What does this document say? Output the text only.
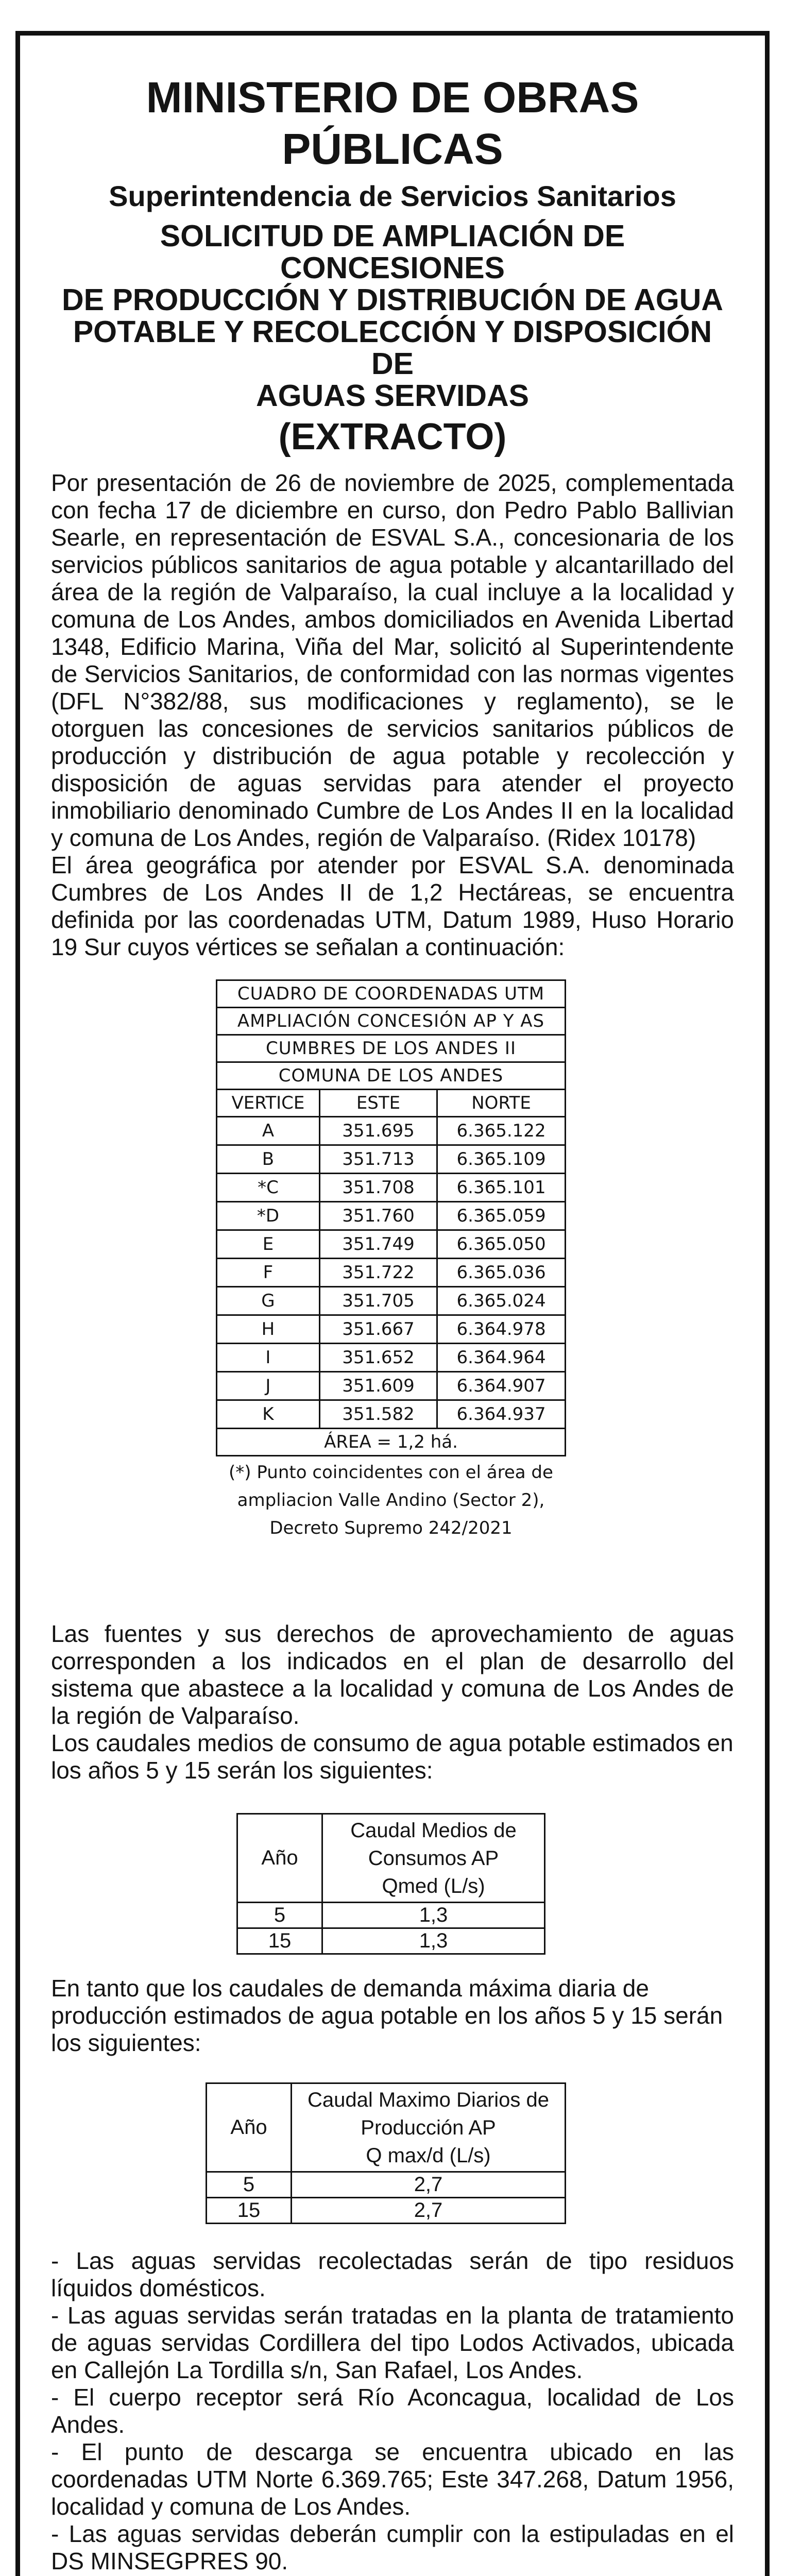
MINISTERIO DE OBRAS PÚBLICAS
Superintendencia de Servicios Sanitarios
SOLICITUD DE AMPLIACIÓN DE CONCESIONES
DE PRODUCCIÓN Y DISTRIBUCIÓN DE AGUA
POTABLE Y RECOLECCIÓN Y DISPOSICIÓN DE
AGUAS SERVIDAS
(EXTRACTO)

Por presentación de 26 de noviembre de 2025, complementada con fecha 17 de diciembre en curso, don Pedro Pablo Ballivian Searle, en representación de ESVAL S.A., concesionaria de los servicios públicos sanitarios de agua potable y alcantarillado del área de la región de Valparaíso, la cual incluye a la localidad y comuna de Los Andes, ambos domiciliados en Avenida Libertad 1348, Edificio Marina, Viña del Mar, solicitó al Superintendente de Servicios Sanitarios, de conformidad con las normas vigentes (DFL N°382/88, sus modificaciones y reglamento), se le otorguen las concesiones de servicios sanitarios públicos de producción y distribución de agua potable y recolección y disposición de aguas servidas para atender el proyecto inmobiliario denominado Cumbre de Los Andes II en la localidad y comuna de Los Andes, región de Valparaíso. (Ridex 10178)

El área geográfica por atender por ESVAL S.A. denominada Cumbres de Los Andes II de 1,2 Hectáreas, se encuentra definida por las coordenadas UTM, Datum 1989, Huso Horario 19 Sur cuyos vértices se señalan a continuación:

CUADRO DE COORDENADAS UTM		
AMPLIACIÓN CONCESIÓN AP Y AS		
CUMBRES DE LOS ANDES II		
COMUNA DE LOS ANDES		
VERTICE	ESTE	NORTE
A	351.695	6.365.122
B	351.713	6.365.109
*C	351.708	6.365.101
*D	351.760	6.365.059
E	351.749	6.365.050
F	351.722	6.365.036
G	351.705	6.365.024
H	351.667	6.364.978
I	351.652	6.364.964
J	351.609	6.364.907
K	351.582	6.364.937
ÁREA = 1,2 há.		
(*) Punto coincidentes con el área de
ampliacion Valle Andino (Sector 2),
Decreto Supremo 242/2021

Las fuentes y sus derechos de aprovechamiento de aguas corresponden a los indicados en el plan de desarrollo del sistema que abastece a la localidad y comuna de Los Andes de la región de Valparaíso.

Los caudales medios de consumo de agua potable estimados en los años 5 y 15 serán los siguientes:

Año	Caudal Medios de
Consumos AP
Qmed (L/s)

5	1,3
15	1,3

En tanto que los caudales de demanda máxima diaria de producción estimados de agua potable en los años 5 y 15 serán los siguientes:

Año	Caudal Maximo Diarios de
Producción AP
Q max/d (L/s)

5	2,7
15	2,7

- Las aguas servidas recolectadas serán de tipo residuos líquidos domésticos.

- Las aguas servidas serán tratadas en la planta de tratamiento de aguas servidas Cordillera del tipo Lodos Activados, ubicada en Callejón La Tordilla s/n, San Rafael, Los Andes.

- El cuerpo receptor será Río Aconcagua, localidad de Los Andes.

- El punto de descarga se encuentra ubicado en las coordenadas UTM Norte 6.369.765; Este 347.268, Datum 1956, localidad y comuna de Los Andes.

- Las aguas servidas deberán cumplir con la estipuladas en el DS MINSEGPRES 90.
